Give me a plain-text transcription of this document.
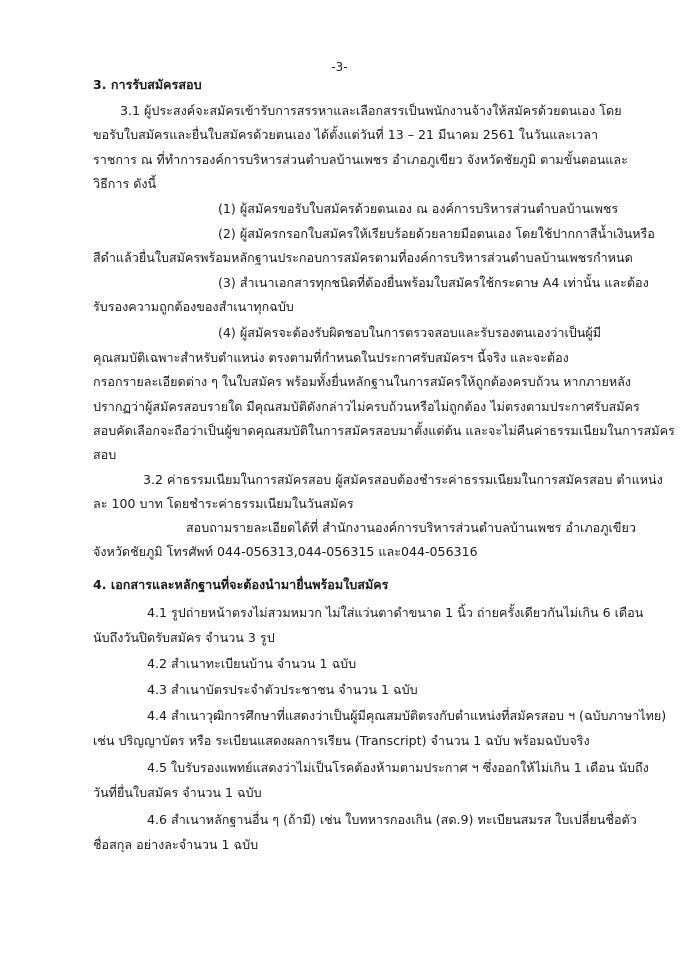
-3-
3. การรับสมัครสอบ
3.1 ผู้ประสงค์จะสมัครเข้ารับการสรรหาและเลือกสรรเป็นพนักงานจ้างให้สมัครด้วยตนเอง โดย
ขอรับใบสมัครและยื่นใบสมัครด้วยตนเอง ได้ตั้งแต่วันที่ 13 – 21 มีนาคม 2561 ในวันและเวลา
ราชการ ณ ที่ทำการองค์การบริหารส่วนตำบลบ้านเพชร อำเภอภูเขียว จังหวัดชัยภูมิ ตามขั้นตอนและ
วิธีการ ดังนี้
(1) ผู้สมัครขอรับใบสมัครด้วยตนเอง ณ องค์การบริหารส่วนตำบลบ้านเพชร
(2) ผู้สมัครกรอกใบสมัครให้เรียบร้อยด้วยลายมือตนเอง โดยใช้ปากกาสีน้ำเงินหรือ
สีดำแล้วยื่นใบสมัครพร้อมหลักฐานประกอบการสมัครตามที่องค์การบริหารส่วนตำบลบ้านเพชรกำหนด
(3) สำเนาเอกสารทุกชนิดที่ต้องยื่นพร้อมใบสมัครใช้กระดาษ A4 เท่านั้น และต้อง
รับรองความถูกต้องของสำเนาทุกฉบับ
(4) ผู้สมัครจะต้องรับผิดชอบในการตรวจสอบและรับรองตนเองว่าเป็นผู้มี
คุณสมบัติเฉพาะสำหรับตำแหน่ง ตรงตามที่กำหนดในประกาศรับสมัครฯ นี้จริง และจะต้อง
กรอกรายละเอียดต่าง ๆ ในใบสมัคร พร้อมทั้งยื่นหลักฐานในการสมัครให้ถูกต้องครบถ้วน หากภายหลัง
ปรากฏว่าผู้สมัครสอบรายใด มีคุณสมบัติดังกล่าวไม่ครบถ้วนหรือไม่ถูกต้อง ไม่ตรงตามประกาศรับสมัคร
สอบคัดเลือกจะถือว่าเป็นผู้ขาดคุณสมบัติในการสมัครสอบมาตั้งแต่ต้น และจะไม่คืนค่าธรรมเนียมในการสมัคร
สอบ
3.2 ค่าธรรมเนียมในการสมัครสอบ ผู้สมัครสอบต้องชำระค่าธรรมเนียมในการสมัครสอบ ตำแหน่ง
ละ 100 บาท โดยชำระค่าธรรมเนียมในวันสมัคร
สอบถามรายละเอียดได้ที่ สำนักงานองค์การบริหารส่วนตำบลบ้านเพชร อำเภอภูเขียว
จังหวัดชัยภูมิ โทรศัพท์ 044-056313,044-056315 และ044-056316
4. เอกสารและหลักฐานที่จะต้องนำมายื่นพร้อมใบสมัคร
4.1 รูปถ่ายหน้าตรงไม่สวมหมวก ไม่ใส่แว่นตาดำขนาด 1 นิ้ว ถ่ายครั้งเดียวกันไม่เกิน 6 เดือน
นับถึงวันปิดรับสมัคร จำนวน 3 รูป
4.2 สำเนาทะเบียนบ้าน จำนวน 1 ฉบับ
4.3 สำเนาบัตรประจำตัวประชาชน จำนวน 1 ฉบับ
4.4 สำเนาวุฒิการศึกษาที่แสดงว่าเป็นผู้มีคุณสมบัติตรงกับตำแหน่งที่สมัครสอบ ฯ (ฉบับภาษาไทย)
เช่น ปริญญาบัตร หรือ ระเบียนแสดงผลการเรียน (Transcript) จำนวน 1 ฉบับ พร้อมฉบับจริง
4.5 ใบรับรองแพทย์แสดงว่าไม่เป็นโรคต้องห้ามตามประกาศ ฯ ซึ่งออกให้ไม่เกิน 1 เดือน นับถึง
วันที่ยื่นใบสมัคร จำนวน 1 ฉบับ
4.6 สำเนาหลักฐานอื่น ๆ (ถ้ามี) เช่น ใบทหารกองเกิน (สด.9) ทะเบียนสมรส ใบเปลี่ยนชื่อตัว
ชื่อสกุล อย่างละจำนวน 1 ฉบับ
